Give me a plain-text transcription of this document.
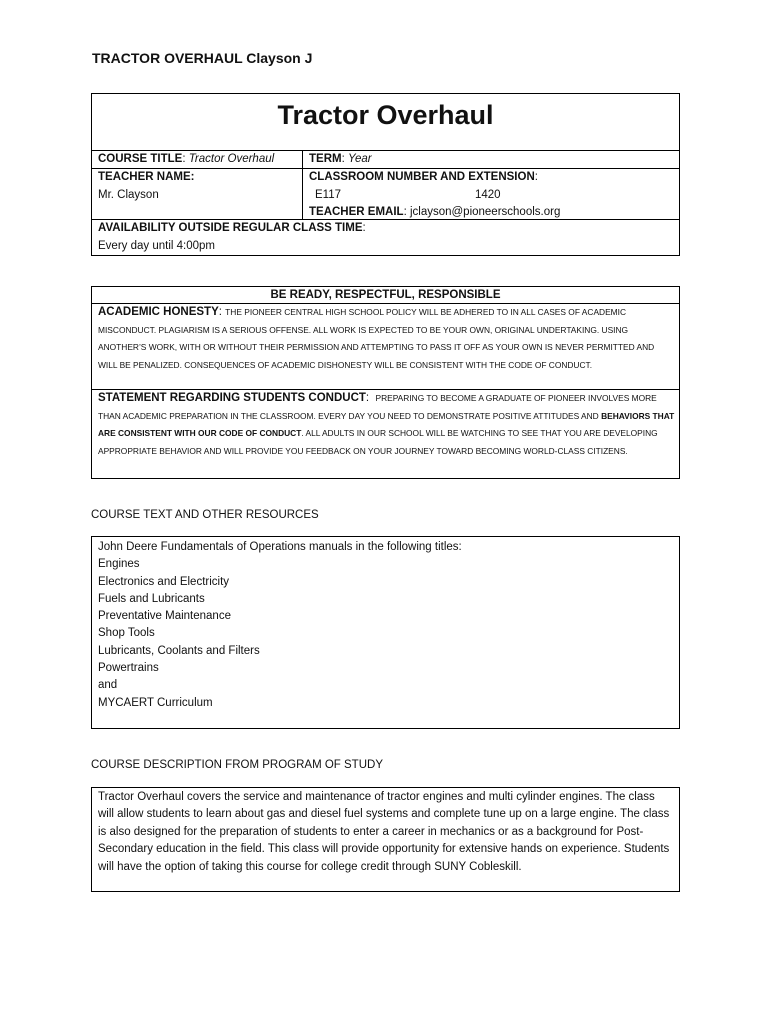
TRACTOR OVERHAUL Clayson J
Tractor Overhaul
COURSE TITLE: Tractor Overhaul
TEACHER NAME:
Mr. Clayson
TERM: Year
CLASSROOM NUMBER AND EXTENSION:
E117	1420
TEACHER EMAIL: jclayson@pioneerschools.org
AVAILABILITY OUTSIDE REGULAR CLASS TIME:
Every day until 4:00pm
BE READY, RESPECTFUL, RESPONSIBLE
ACADEMIC HONESTY: THE PIONEER CENTRAL HIGH SCHOOL POLICY WILL BE ADHERED TO IN ALL CASES OF ACADEMIC MISCONDUCT. PLAGIARISM IS A SERIOUS OFFENSE. ALL WORK IS EXPECTED TO BE YOUR OWN, ORIGINAL UNDERTAKING. USING ANOTHER’S WORK, WITH OR WITHOUT THEIR PERMISSION AND ATTEMPTING TO PASS IT OFF AS YOUR OWN IS NEVER PERMITTED AND WILL BE PENALIZED. CONSEQUENCES OF ACADEMIC DISHONESTY WILL BE CONSISTENT WITH THE CODE OF CONDUCT.
STATEMENT REGARDING STUDENTS CONDUCT:  PREPARING TO BECOME A GRADUATE OF PIONEER INVOLVES MORE THAN ACADEMIC PREPARATION IN THE CLASSROOM. EVERY DAY YOU NEED TO DEMONSTRATE POSITIVE ATTITUDES AND BEHAVIORS THAT ARE CONSISTENT WITH OUR CODE OF CONDUCT. ALL ADULTS IN OUR SCHOOL WILL BE WATCHING TO SEE THAT YOU ARE DEVELOPING APPROPRIATE BEHAVIOR AND WILL PROVIDE YOU FEEDBACK ON YOUR JOURNEY TOWARD BECOMING WORLD-CLASS CITIZENS.
COURSE TEXT AND OTHER RESOURCES
John Deere Fundamentals of Operations manuals in the following titles:
Engines
Electronics and Electricity
Fuels and Lubricants
Preventative Maintenance
Shop Tools
Lubricants, Coolants and Filters
Powertrains
and
MYCAERT Curriculum
COURSE DESCRIPTION FROM PROGRAM OF STUDY
Tractor Overhaul covers the service and maintenance of tractor engines and multi cylinder engines. The class will allow students to learn about gas and diesel fuel systems and complete tune up on a large engine. The class is also designed for the preparation of students to enter a career in mechanics or as a background for Post-Secondary education in the field. This class will provide opportunity for extensive hands on experience. Students will have the option of taking this course for college credit through SUNY Cobleskill.
